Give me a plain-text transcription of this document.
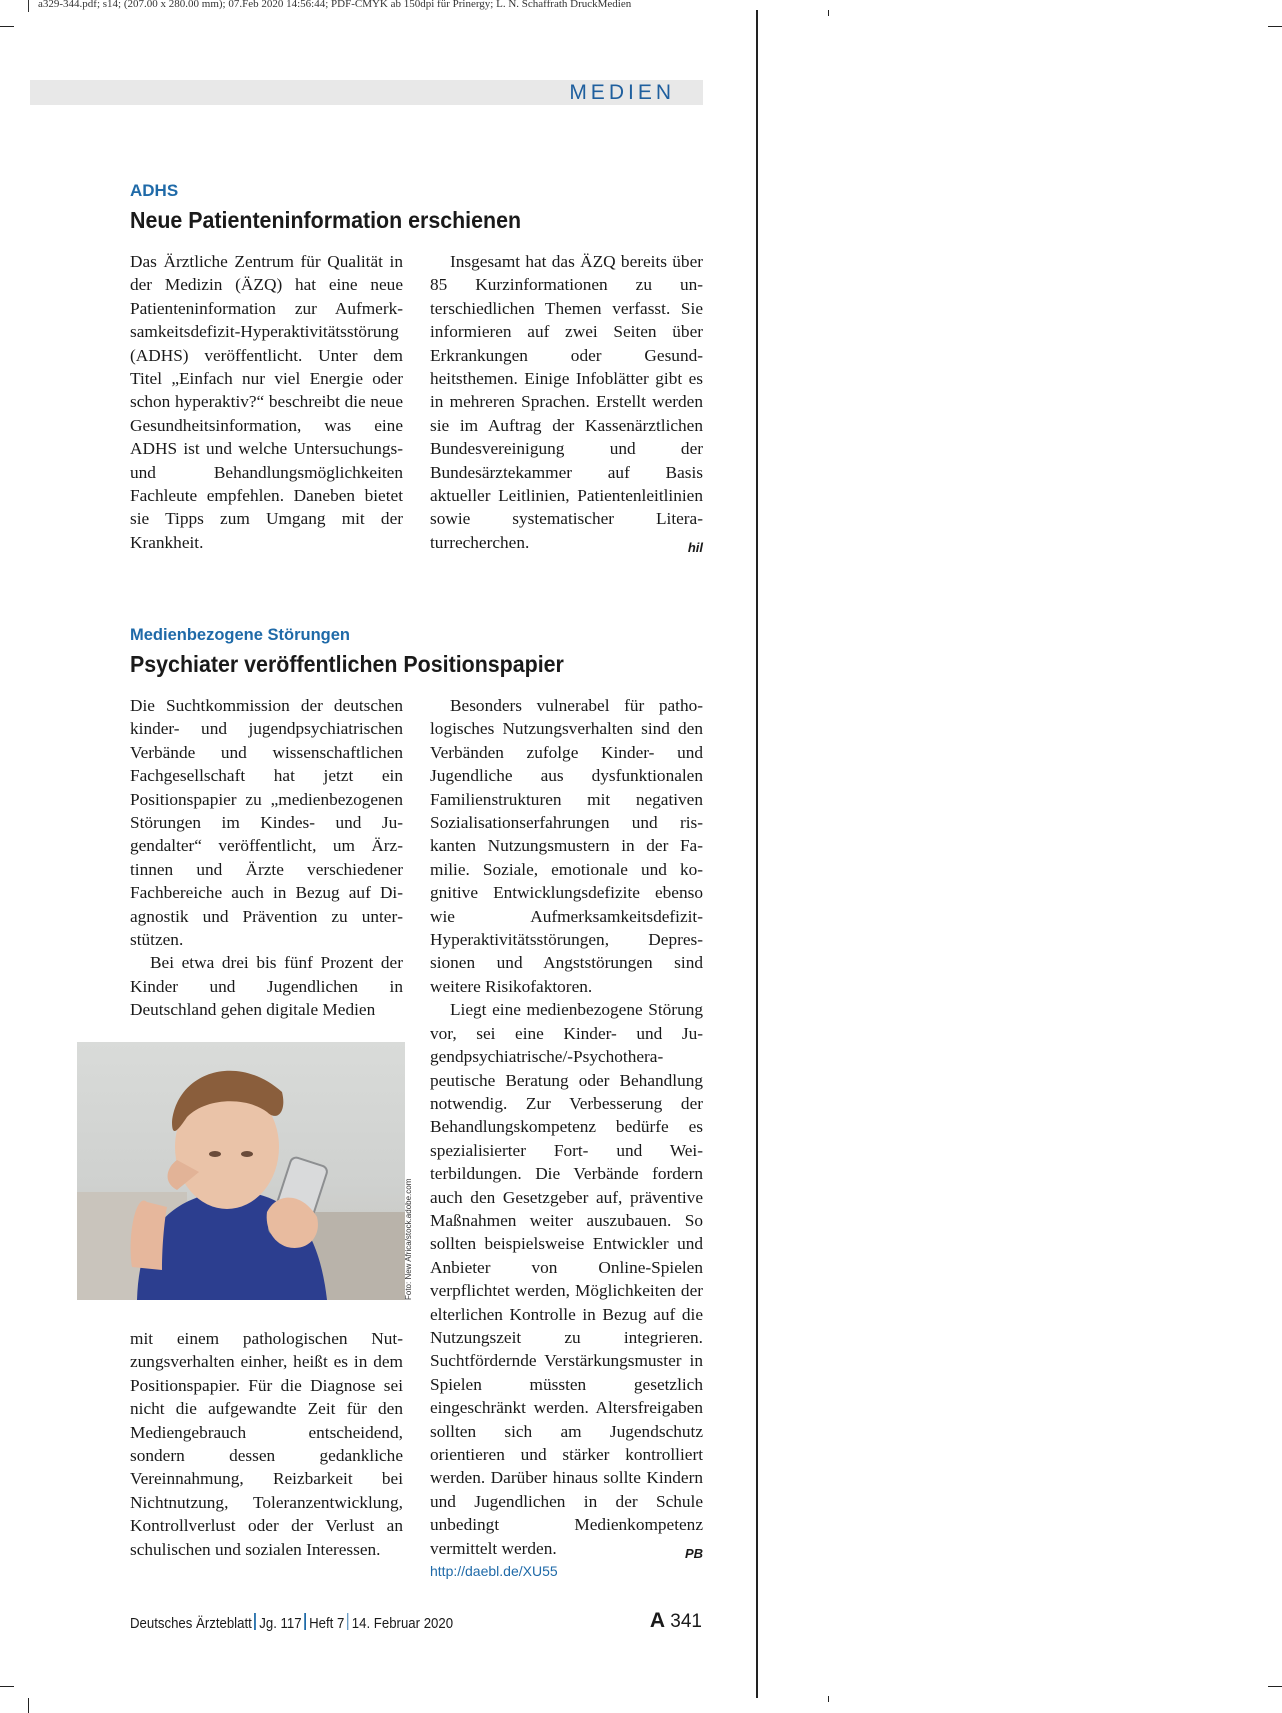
a329-344.pdf; s14; (207.00 x 280.00 mm); 07.Feb 2020 14:56:44; PDF-CMYK ab 150dpi für Prinergy; L. N. Schaffrath DruckMedien
MEDIEN
ADHS
Neue Patienteninformation erschienen

Das Ärztliche Zentrum für Qualität in der Medizin (ÄZQ) hat eine neue Patienteninformation zur Aufmerksamkeitsdefizit-Hyperaktivitätsstörung (ADHS) veröffentlicht. Unter dem Titel „Einfach nur viel Energie oder schon hyperaktiv?“ beschreibt die neue Gesundheitsinformation, was eine ADHS ist und welche Untersuchungs- und Behandlungsmöglichkeiten Fachleute empfehlen. Daneben bietet sie Tipps zum Umgang mit der Krankheit.

Insgesamt hat das ÄZQ bereits über 85 Kurzinformationen zu unterschiedlichen Themen verfasst. Sie informieren auf zwei Seiten über Erkrankungen oder Gesundheitsthemen. Einige Infoblätter gibt es in mehreren Sprachen. Erstellt werden sie im Auftrag der Kassenärztlichen Bundesvereinigung und der Bundesärztekammer auf Basis aktueller Leitlinien, Patientenleitlinien sowie systematischer Literaturrecherchen.	hil

Medienbezogene Störungen
Psychiater veröffentlichen Positionspapier

Die Suchtkommission der deutschen kinder- und jugendpsychiatrischen Verbände und wissenschaftlichen Fachgesellschaft hat jetzt ein Positionspapier zu „medienbezogenen Störungen im Kindes- und Jugendalter“ veröffentlicht, um Ärztinnen und Ärzte verschiedener Fachbereiche auch in Bezug auf Diagnostik und Prävention zu unterstützen.

Bei etwa drei bis fünf Prozent der Kinder und Jugendlichen in Deutschland gehen digitale Medien

Foto: New Africa/stock.adobe.com

mit einem pathologischen Nutzungsverhalten einher, heißt es in dem Positionspapier. Für die Diagnose sei nicht die aufgewandte Zeit für den Mediengebrauch entscheidend, sondern dessen gedankliche Vereinnahmung, Reizbarkeit bei Nichtnutzung, Toleranzentwicklung, Kontrollverlust oder der Verlust an schulischen und sozialen Interessen.

Besonders vulnerabel für pathologisches Nutzungsverhalten sind den Verbänden zufolge Kinder- und Jugendliche aus dysfunktionalen Familienstrukturen mit negativen Sozialisationserfahrungen und riskanten Nutzungsmustern in der Familie. Soziale, emotionale und kognitive Entwicklungsdefizite ebenso wie Aufmerksamkeitsdefizit-Hyperaktivitätsstörungen, Depressionen und Angststörungen sind weitere Risikofaktoren.

Liegt eine medienbezogene Störung vor, sei eine Kinder- und Jugendpsychiatrische/-Psychotherapeutische Beratung oder Behandlung notwendig. Zur Verbesserung der Behandlungskompetenz bedürfe es spezialisierter Fort- und Weiterbildungen. Die Verbände fordern auch den Gesetzgeber auf, präventive Maßnahmen weiter auszubauen. So sollten beispielsweise Entwickler und Anbieter von Online-Spielen verpflichtet werden, Möglichkeiten der elterlichen Kontrolle in Bezug auf die Nutzungszeit zu integrieren. Suchtfördernde Verstärkungsmuster in Spielen müssten gesetzlich eingeschränkt werden. Altersfreigaben sollten sich am Jugendschutz orientieren und stärker kontrolliert werden. Darüber hinaus sollte Kindern und Jugendlichen in der Schule unbedingt Medienkompetenz vermittelt werden.	PB

http://daebl.de/XU55
Deutsches Ärzteblatt Jg. 117 Heft 7 14. Februar 2020	A 341
